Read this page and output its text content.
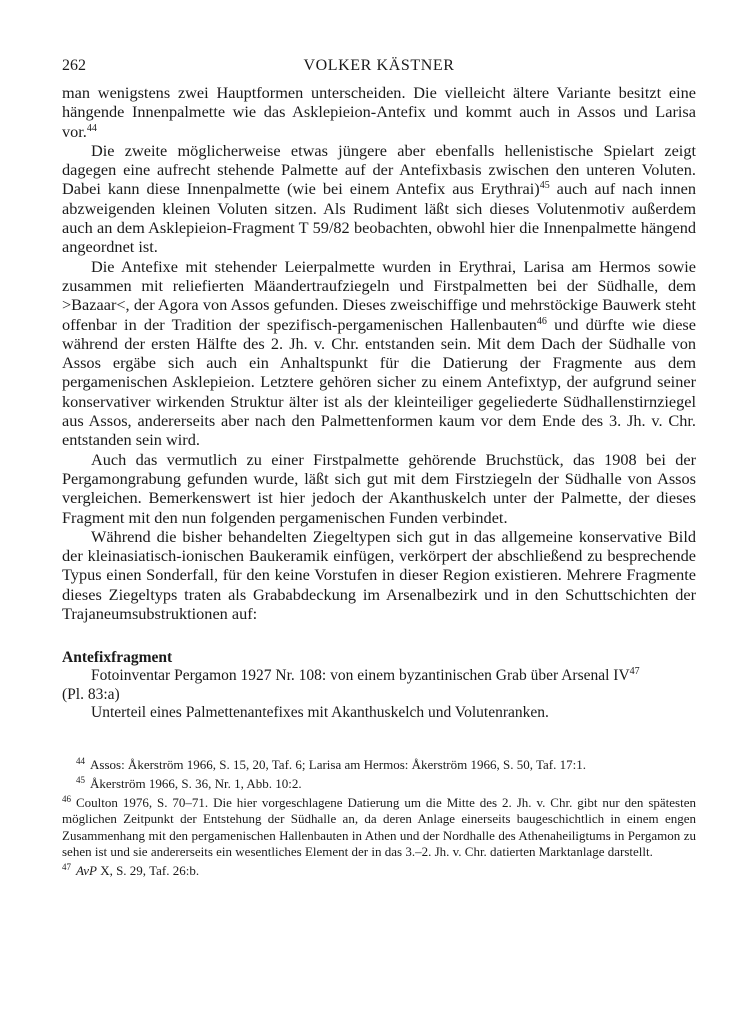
262	VOLKER KÄSTNER

man wenigstens zwei Hauptformen unterscheiden. Die vielleicht ältere Variante besitzt eine hängende Innenpalmette wie das Asklepieion-Antefix und kommt auch in Assos und Larisa vor.$^{44}$

Die zweite möglicherweise etwas jüngere aber ebenfalls hellenistische Spielart zeigt dagegen eine aufrecht stehende Palmette auf der Antefixbasis zwischen den unteren Voluten. Dabei kann diese Innenpalmette (wie bei einem Antefix aus Erythrai)$^{45}$ auch auf nach innen abzweigenden kleinen Voluten sitzen. Als Rudiment läßt sich dieses Volutenmotiv außerdem auch an dem Asklepieion-Fragment T 59/82 beobachten, obwohl hier die Innenpalmette hängend angeordnet ist.

Die Antefixe mit stehender Leierpalmette wurden in Erythrai, Larisa am Hermos sowie zusammen mit reliefierten Mäandertraufziegeln und Firstpalmetten bei der Südhalle, dem >Bazaar<, der Agora von Assos gefunden. Dieses zweischiffige und mehrstöckige Bauwerk steht offenbar in der Tradition der spezifisch-pergamenischen Hallenbauten$^{46}$ und dürfte wie diese während der ersten Hälfte des 2. Jh. v. Chr. entstanden sein. Mit dem Dach der Südhalle von Assos ergäbe sich auch ein Anhaltspunkt für die Datierung der Fragmente aus dem pergamenischen Asklepieion. Letztere gehören sicher zu einem Antefixtyp, der aufgrund seiner konservativer wirkenden Struktur älter ist als der kleinteiliger gegeliederte Südhallenstirnziegel aus Assos, andererseits aber nach den Palmettenformen kaum vor dem Ende des 3. Jh. v. Chr. entstanden sein wird.

Auch das vermutlich zu einer Firstpalmette gehörende Bruchstück, das 1908 bei der Pergamongrabung gefunden wurde, läßt sich gut mit dem Firstziegeln der Südhalle von Assos vergleichen. Bemerkenswert ist hier jedoch der Akanthuskelch unter der Palmette, der dieses Fragment mit den nun folgenden pergamenischen Funden verbindet.

Während die bisher behandelten Ziegeltypen sich gut in das allgemeine konservative Bild der kleinasiatisch-ionischen Baukeramik einfügen, verkörpert der abschließend zu besprechende Typus einen Sonderfall, für den keine Vorstufen in dieser Region existieren. Mehrere Fragmente dieses Ziegeltyps traten als Grababdeckung im Arsenalbezirk und in den Schuttschichten der Trajaneumsubstruktionen auf:

Antefixfragment

Fotoinventar Pergamon 1927 Nr. 108: von einem byzantinischen Grab über Arsenal IV$^{47}$

(Pl. 83:a)

Unterteil eines Palmettenantefixes mit Akanthuskelch und Volutenranken.

$^{44}$ Assos: Åkerström 1966, S. 15, 20, Taf. 6; Larisa am Hermos: Åkerström 1966, S. 50, Taf. 17:1.

$^{45}$ Åkerström 1966, S. 36, Nr. 1, Abb. 10:2.

$^{46}$ Coulton 1976, S. 70–71. Die hier vorgeschlagene Datierung um die Mitte des 2. Jh. v. Chr. gibt nur den spätesten möglichen Zeitpunkt der Entstehung der Südhalle an, da deren Anlage einerseits baugeschichtlich in einem engen Zusammenhang mit den pergamenischen Hallenbauten in Athen und der Nordhalle des Athenaheiligtums in Pergamon zu sehen ist und sie andererseits ein wesentliches Element der in das 3.–2. Jh. v. Chr. datierten Marktanlage darstellt.

$^{47}$ AvP X, S. 29, Taf. 26:b.
